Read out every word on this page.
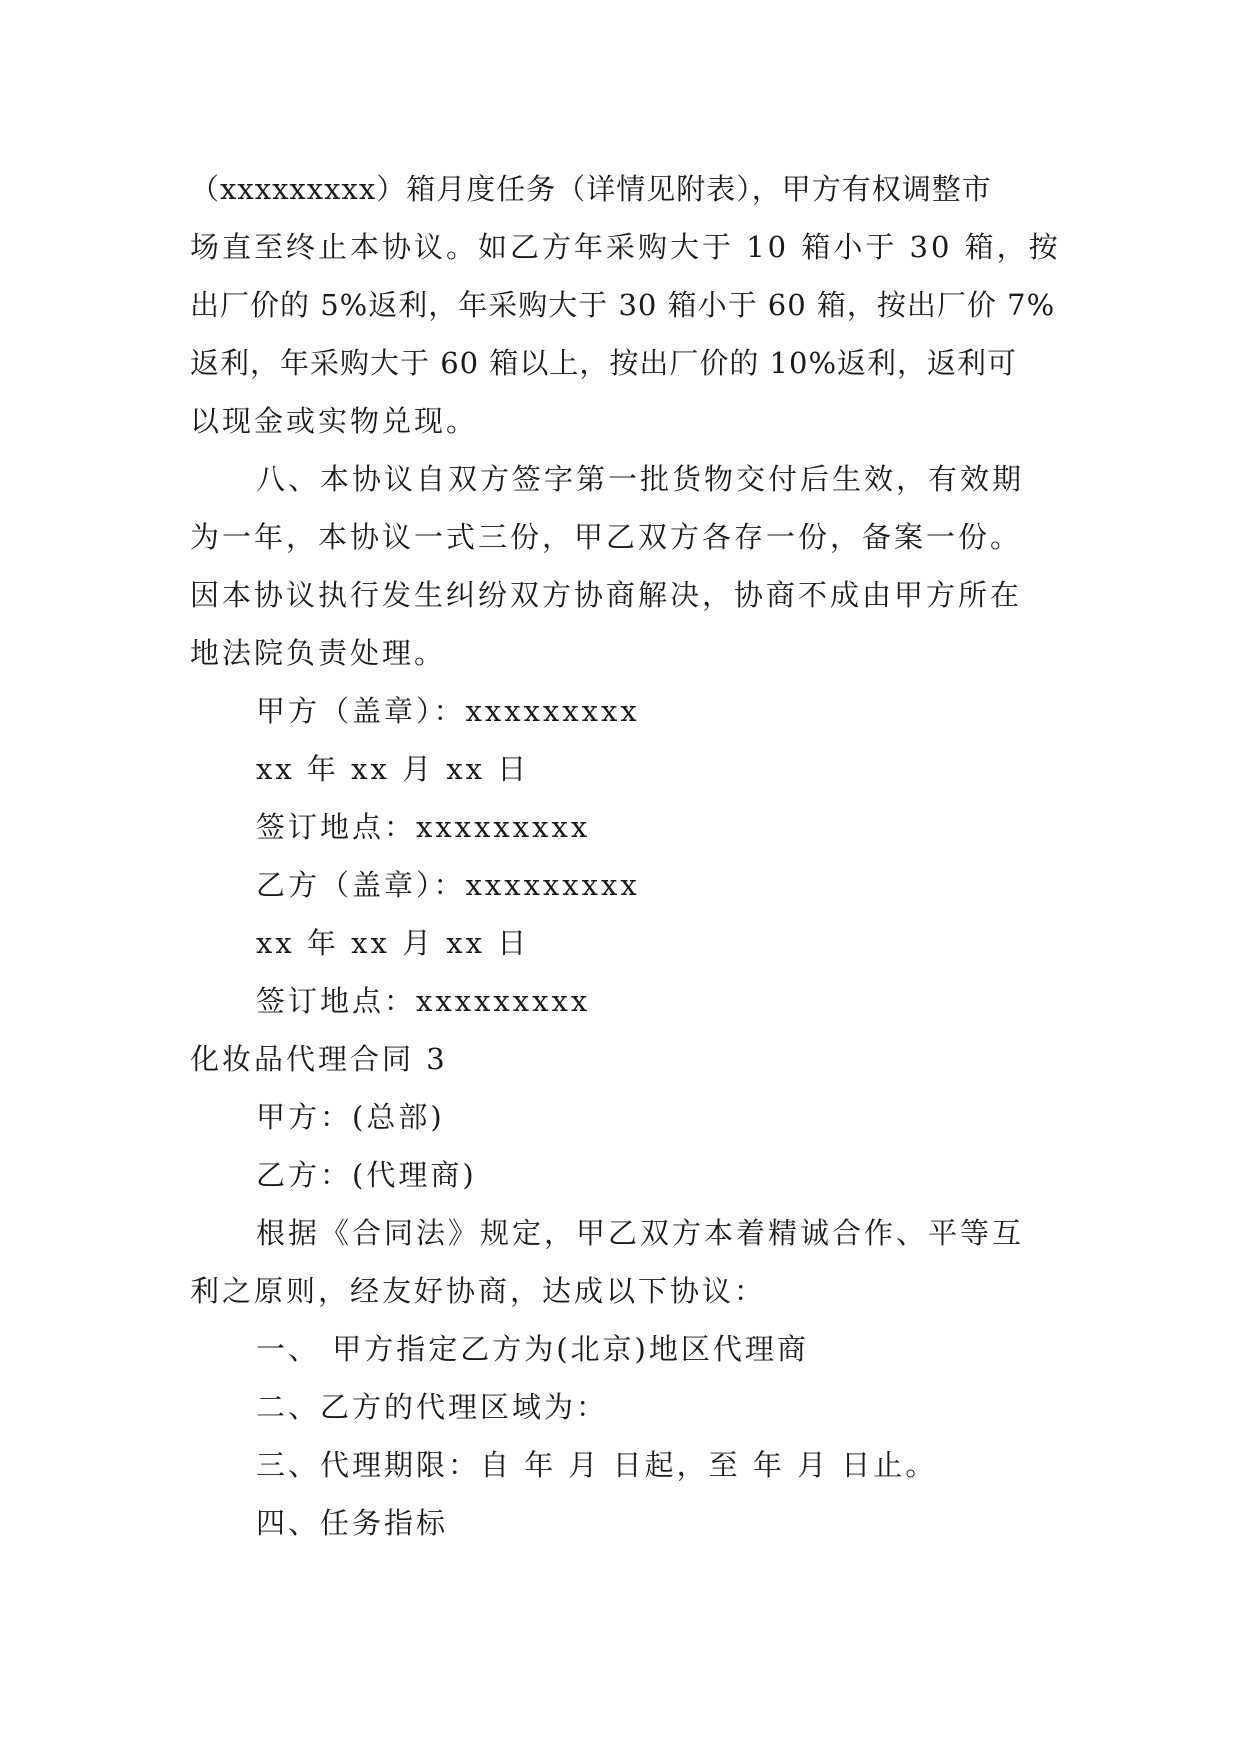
（xxxxxxxxx）箱月度任务（详情见附表），甲方有权调整市
场直至终止本协议。如乙方年采购大于 10 箱小于 30 箱，按
出厂价的 5%返利，年采购大于 30 箱小于 60 箱，按出厂价 7%
返利，年采购大于 60 箱以上，按出厂价的 10%返利，返利可
以现金或实物兑现。
八、本协议自双方签字第一批货物交付后生效，有效期
为一年，本协议一式三份，甲乙双方各存一份，备案一份。
因本协议执行发生纠纷双方协商解决，协商不成由甲方所在
地法院负责处理。
甲方（盖章）：xxxxxxxxx
xx 年 xx 月 xx 日
签订地点：xxxxxxxxx
乙方（盖章）：xxxxxxxxx
xx 年 xx 月 xx 日
签订地点：xxxxxxxxx
化妆品代理合同 3
甲方：(总部)
乙方：(代理商)
根据《合同法》规定，甲乙双方本着精诚合作、平等互
利之原则，经友好协商，达成以下协议：
一、 甲方指定乙方为(北京)地区代理商
二、乙方的代理区域为：
三、代理期限：自 年 月 日起，至 年 月 日止。
四、任务指标
